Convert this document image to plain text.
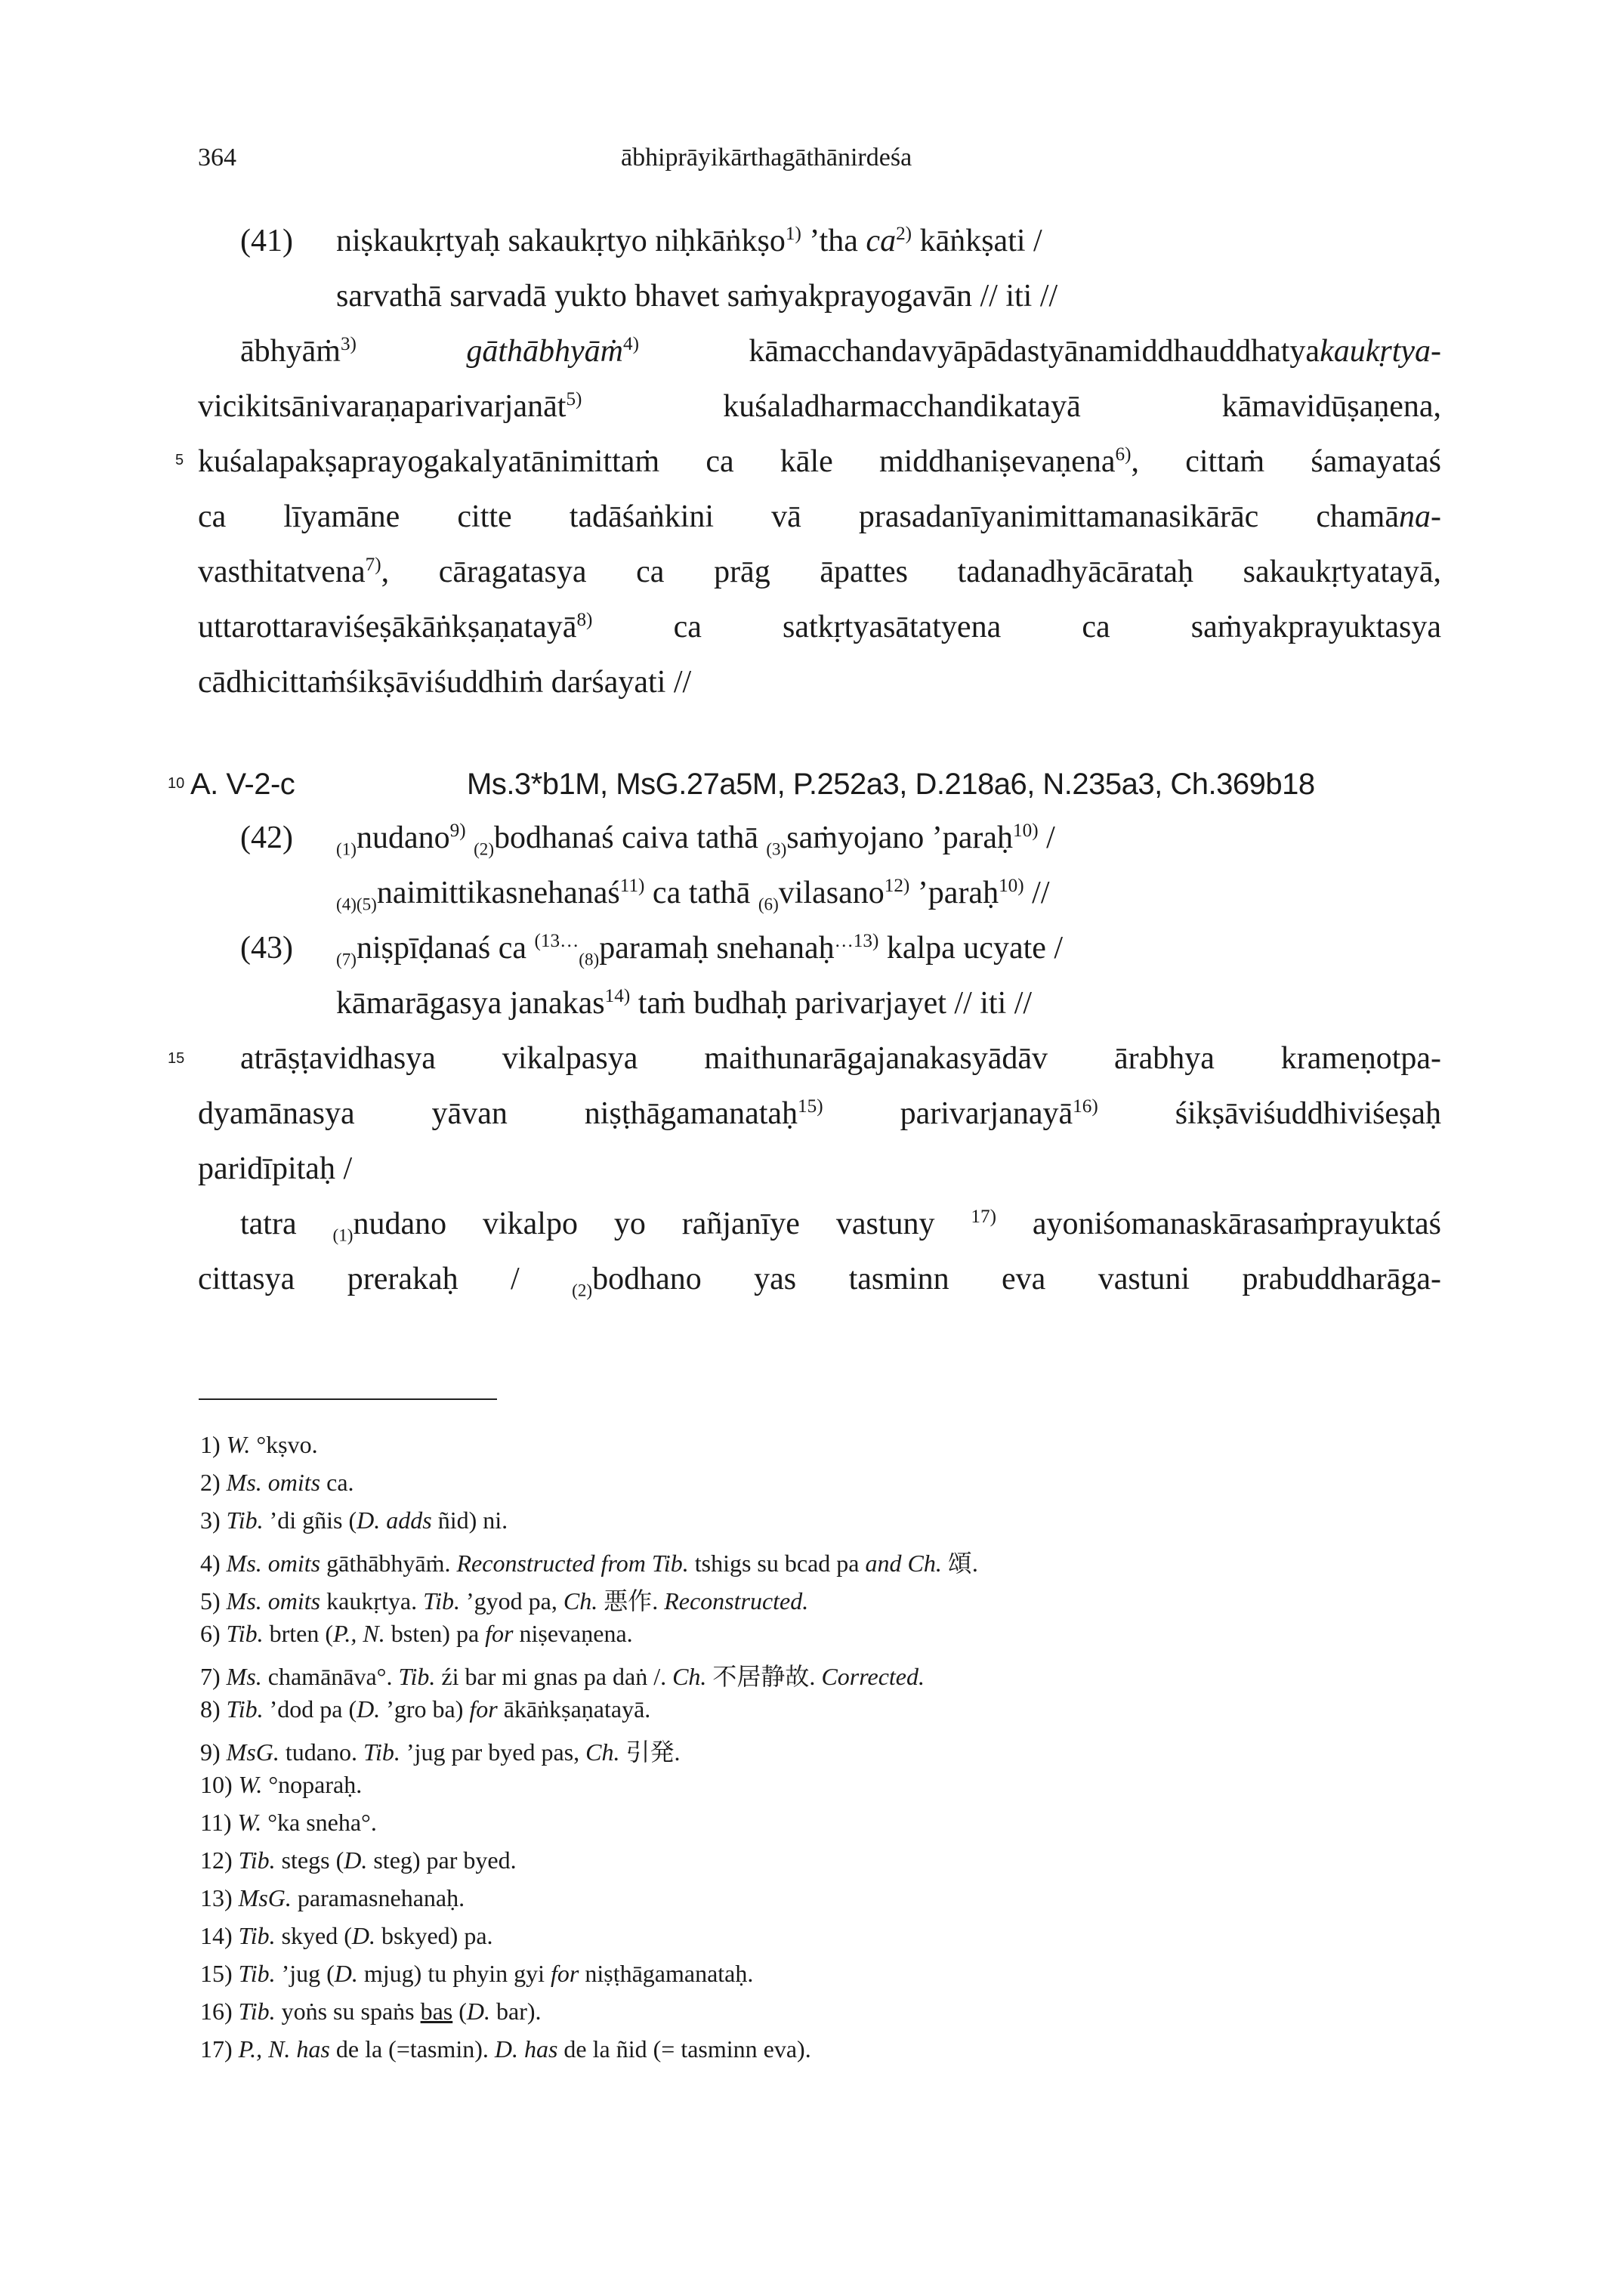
364	ābhiprāyikārthagāthānirdeśa
(41) niṣkaukṛtyaḥ sakaukṛtyo niḥkāṅkṣo$^{1)}$ ’tha $ca^{2)}$ kāṅkṣati /
sarvathā sarvadā yukto bhavet saṁyakprayogavān // iti //
ābhyāṁ$^{3)}$	gāthābhyāṁ$^{4)}$	kāmacchandavyāpādastyānamiddhauddhatyakaukṛtya-
vicikitsānivaraṇaparivarjanāt$^{5)}$	kuśaladharmacchandikatayā	kāmavidūṣaṇena,
5 kuśalapakṣaprayogakalyatānimittaṁ ca kāle middhaniṣevaṇena$^{6)}$, cittaṁ śamayataś
ca līyamāne citte tadāśaṅkini vā prasadanīyanimittamanasikārāc chamāna-
vasthitatvena$^{7)}$, cāragatasya ca prāg āpattes tadanadhyācārataḥ sakaukṛtyatayā,
uttarottaraviśeṣākāṅkṣaṇatayā$^{8)}$	ca satkṛtyasātatyena ca saṁyakprayuktasya
cādhicittaṁśikṣāviśuddhiṁ darśayati //
10 A. V-2-c	Ms.3*b1M, MsG.27a5M, P.252a3, D.218a6, N.235a3, Ch.369b18
(42) $_{(1)}$nudano$^{9)}$ $_{(2)}$bodhanaś caiva tathā $_{(3)}$saṁyojano ’paraḥ$^{10)}$ /
$_{(4)(5)}$naimittikasnehanaś$^{11)}$ ca tathā $_{(6)}$vilasano$^{12)}$ ’paraḥ$^{10)}$ //
(43) $_{(7)}$niṣpīḍanaś ca $^{(13\dots}_{(8)}$paramaḥ snehanaḥ$^{\dots 13)}$ kalpa ucyate /
kāmarāgasya janakas$^{14)}$ taṁ budhaḥ parivarjayet // iti //
15 atrāṣṭavidhasya vikalpasya maithunarāgajanakasyādāv ārabhya krameṇotpa-
dyamānasya yāvan niṣṭhāgamanataḥ$^{15)}$ parivarjanayā$^{16)}$ śikṣāviśuddhiviśeṣaḥ
paridīpitaḥ /
tatra $_{(1)}$nudano vikalpo yo rañjanīye vastuny $^{17)}$ ayoniśomanaskārasaṁprayuktaś
cittasya prerakaḥ / $_{(2)}$bodhano yas tasminn eva vastuni prabuddharāga-
1) W. °kṣvo.
2) Ms. omits ca.
3) Tib. ’di gñis (D. adds ñid) ni.
4) Ms. omits gāthābhyāṁ. Reconstructed from Tib. tshigs su bcad pa and Ch. 頌.
5) Ms. omits kaukṛtya. Tib. ’gyod pa, Ch. 悪作. Reconstructed.
6) Tib. brten (P., N. bsten) pa for niṣevaṇena.
7) Ms. chamānāva°. Tib. źi bar mi gnas pa daṅ /. Ch. 不居静故. Corrected.
8) Tib. ’dod pa (D. ’gro ba) for ākāṅkṣaṇatayā.
9) MsG. tudano. Tib. ’jug par byed pas, Ch. 引発.
10) W. °noparaḥ.
11) W. °ka sneha°.
12) Tib. stegs (D. steg) par byed.
13) MsG. paramasnehanaḥ.
14) Tib. skyed (D. bskyed) pa.
15) Tib. ’jug (D. mjug) tu phyin gyi for niṣṭhāgamanataḥ.
16) Tib. yoṅs su spaṅs bas (D. bar).
17) P., N. has de la (=tasmin). D. has de la ñid (= tasminn eva).
